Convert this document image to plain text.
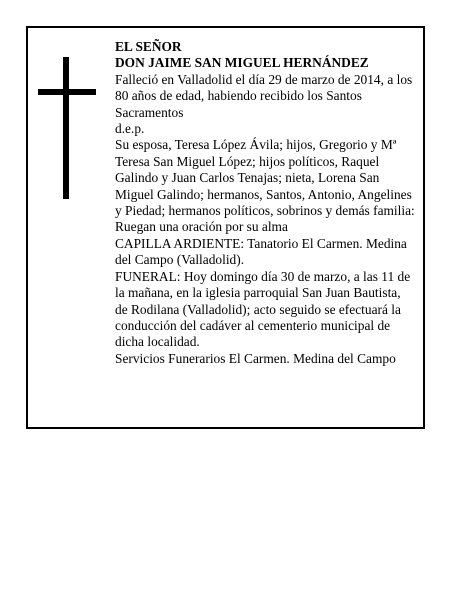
EL SEÑOR

DON JAIME SAN MIGUEL HERNÁNDEZ

Falleció en Valladolid el día 29 de marzo de 2014, a los 80 años de edad, habiendo recibido los Santos Sacramentos

d.e.p.

Su esposa, Teresa López Ávila; hijos, Gregorio y Mª Teresa San Miguel López; hijos políticos, Raquel Galindo y Juan Carlos Tenajas; nieta, Lorena San Miguel Galindo; hermanos, Santos, Antonio, Angelines y Piedad; hermanos políticos, sobrinos y demás familia:

Ruegan una oración por su alma

CAPILLA ARDIENTE: Tanatorio El Carmen. Medina del Campo (Valladolid).

FUNERAL: Hoy domingo día 30 de marzo, a las 11 de la mañana, en la iglesia parroquial San Juan Bautista, de Rodilana (Valladolid); acto seguido se efectuará la conducción del cadáver al cementerio municipal de dicha localidad.

Servicios Funerarios El Carmen. Medina del Campo
